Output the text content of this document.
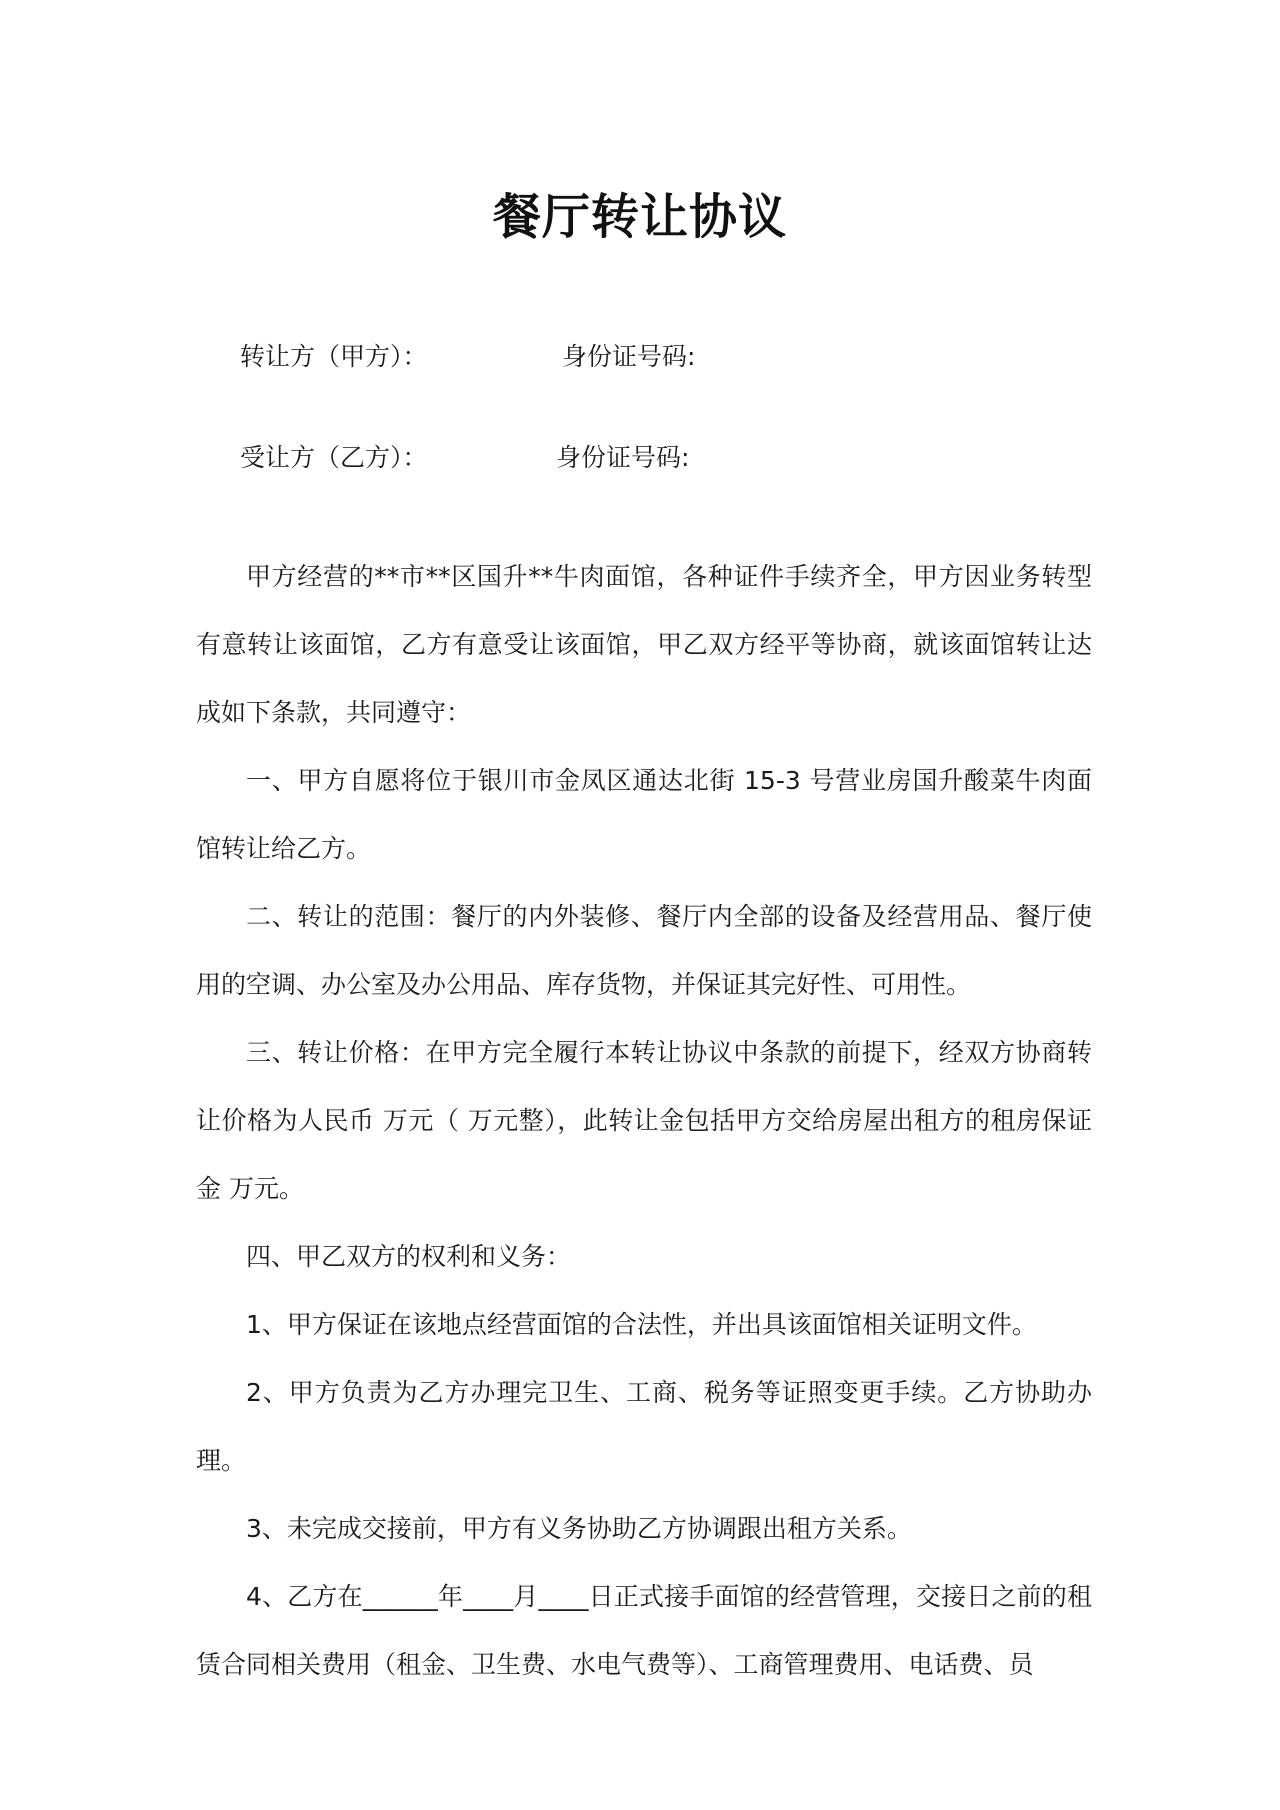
餐厅转让协议
转让方（甲方）：	身份证号码:
受让方（乙方）：	身份证号码:

甲方经营的**市**区国升**牛肉面馆，各种证件手续齐全，甲方因业务转型有意转让该面馆，乙方有意受让该面馆，甲乙双方经平等协商，就该面馆转让达成如下条款，共同遵守：

一、甲方自愿将位于银川市金凤区通达北街 15-3 号营业房国升酸菜牛肉面馆转让给乙方。

二、转让的范围：餐厅的内外装修、餐厅内全部的设备及经营用品、餐厅使用的空调、办公室及办公用品、库存货物，并保证其完好性、可用性。

三、转让价格：在甲方完全履行本转让协议中条款的前提下，经双方协商转让价格为人民币 万元（ 万元整），此转让金包括甲方交给房屋出租方的租房保证金 万元。

四、甲乙双方的权利和义务：

1、甲方保证在该地点经营面馆的合法性，并出具该面馆相关证明文件。

2、甲方负责为乙方办理完卫生、工商、税务等证照变更手续。乙方协助办理。

3、未完成交接前，甲方有义务协助乙方协调跟出租方关系。

4、乙方在______年____月____日正式接手面馆的经营管理，交接日之前的租赁合同相关费用（租金、卫生费、水电气费等）、工商管理费用、电话费、员
